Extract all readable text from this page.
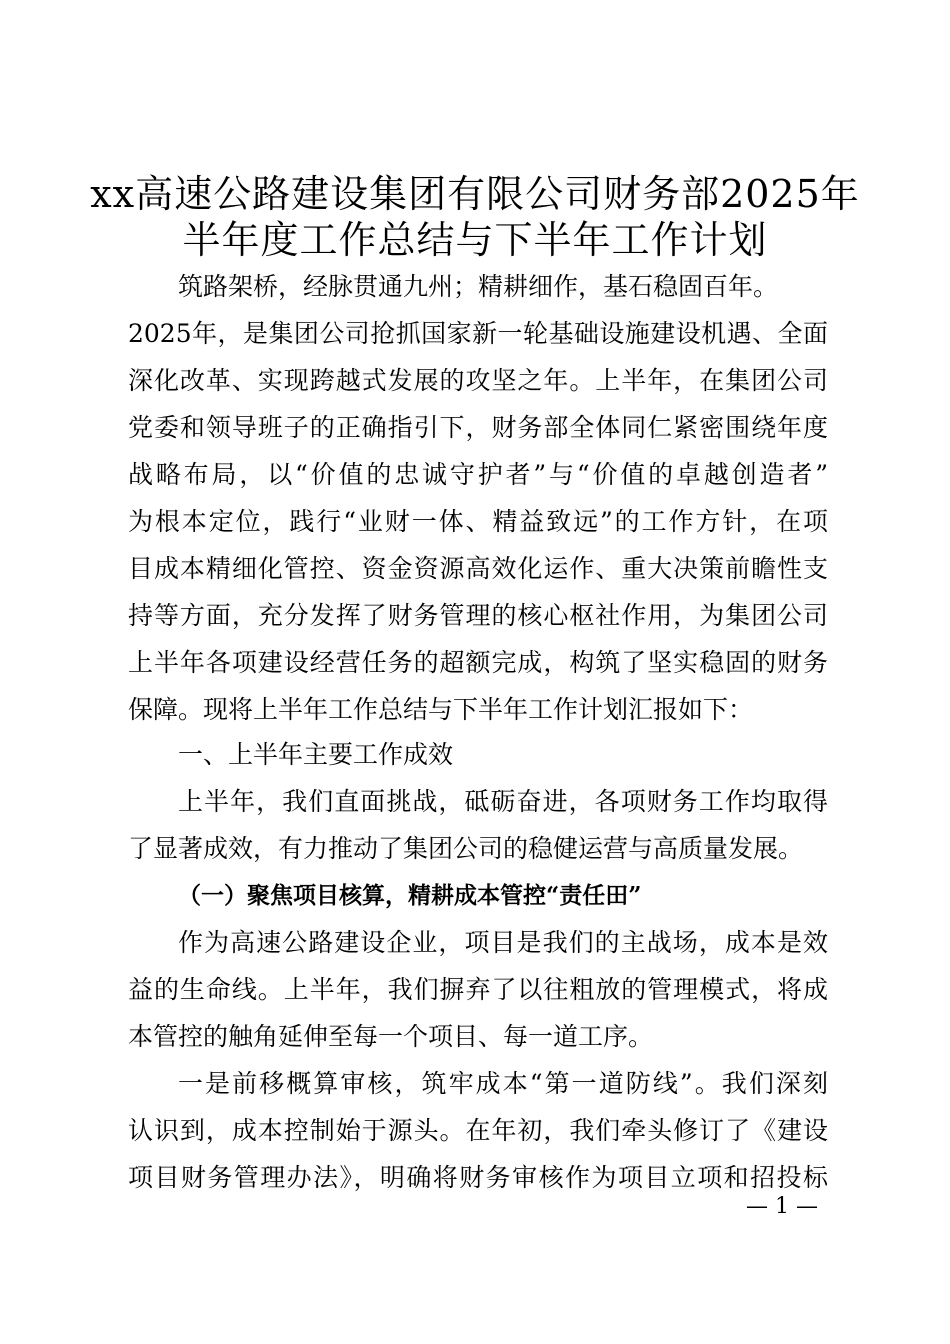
xx高速公路建设集团有限公司财务部2025年
半年度工作总结与下半年工作计划
筑路架桥，经脉贯通九州；精耕细作，基石稳固百年。
2025年，是集团公司抢抓国家新一轮基础设施建设机遇、全面
深化改革、实现跨越式发展的攻坚之年。上半年，在集团公司
党委和领导班子的正确指引下，财务部全体同仁紧密围绕年度
战略布局，以“价值的忠诚守护者”与“价值的卓越创造者”
为根本定位，践行“业财一体、精益致远”的工作方针，在项
目成本精细化管控、资金资源高效化运作、重大决策前瞻性支
持等方面，充分发挥了财务管理的核心枢社作用，为集团公司
上半年各项建设经营任务的超额完成，构筑了坚实稳固的财务
保障。现将上半年工作总结与下半年工作计划汇报如下：
一、上半年主要工作成效
上半年，我们直面挑战，砥砺奋进，各项财务工作均取得
了显著成效，有力推动了集团公司的稳健运营与高质量发展。
（一）聚焦项目核算，精耕成本管控“责任田”
作为高速公路建设企业，项目是我们的主战场，成本是效
益的生命线。上半年，我们摒弃了以往粗放的管理模式，将成
本管控的触角延伸至每一个项目、每一道工序。
一是前移概算审核，筑牢成本“第一道防线”。我们深刻
认识到，成本控制始于源头。在年初，我们牵头修订了《建设
项目财务管理办法》，明确将财务审核作为项目立项和招投标
— 1 —
